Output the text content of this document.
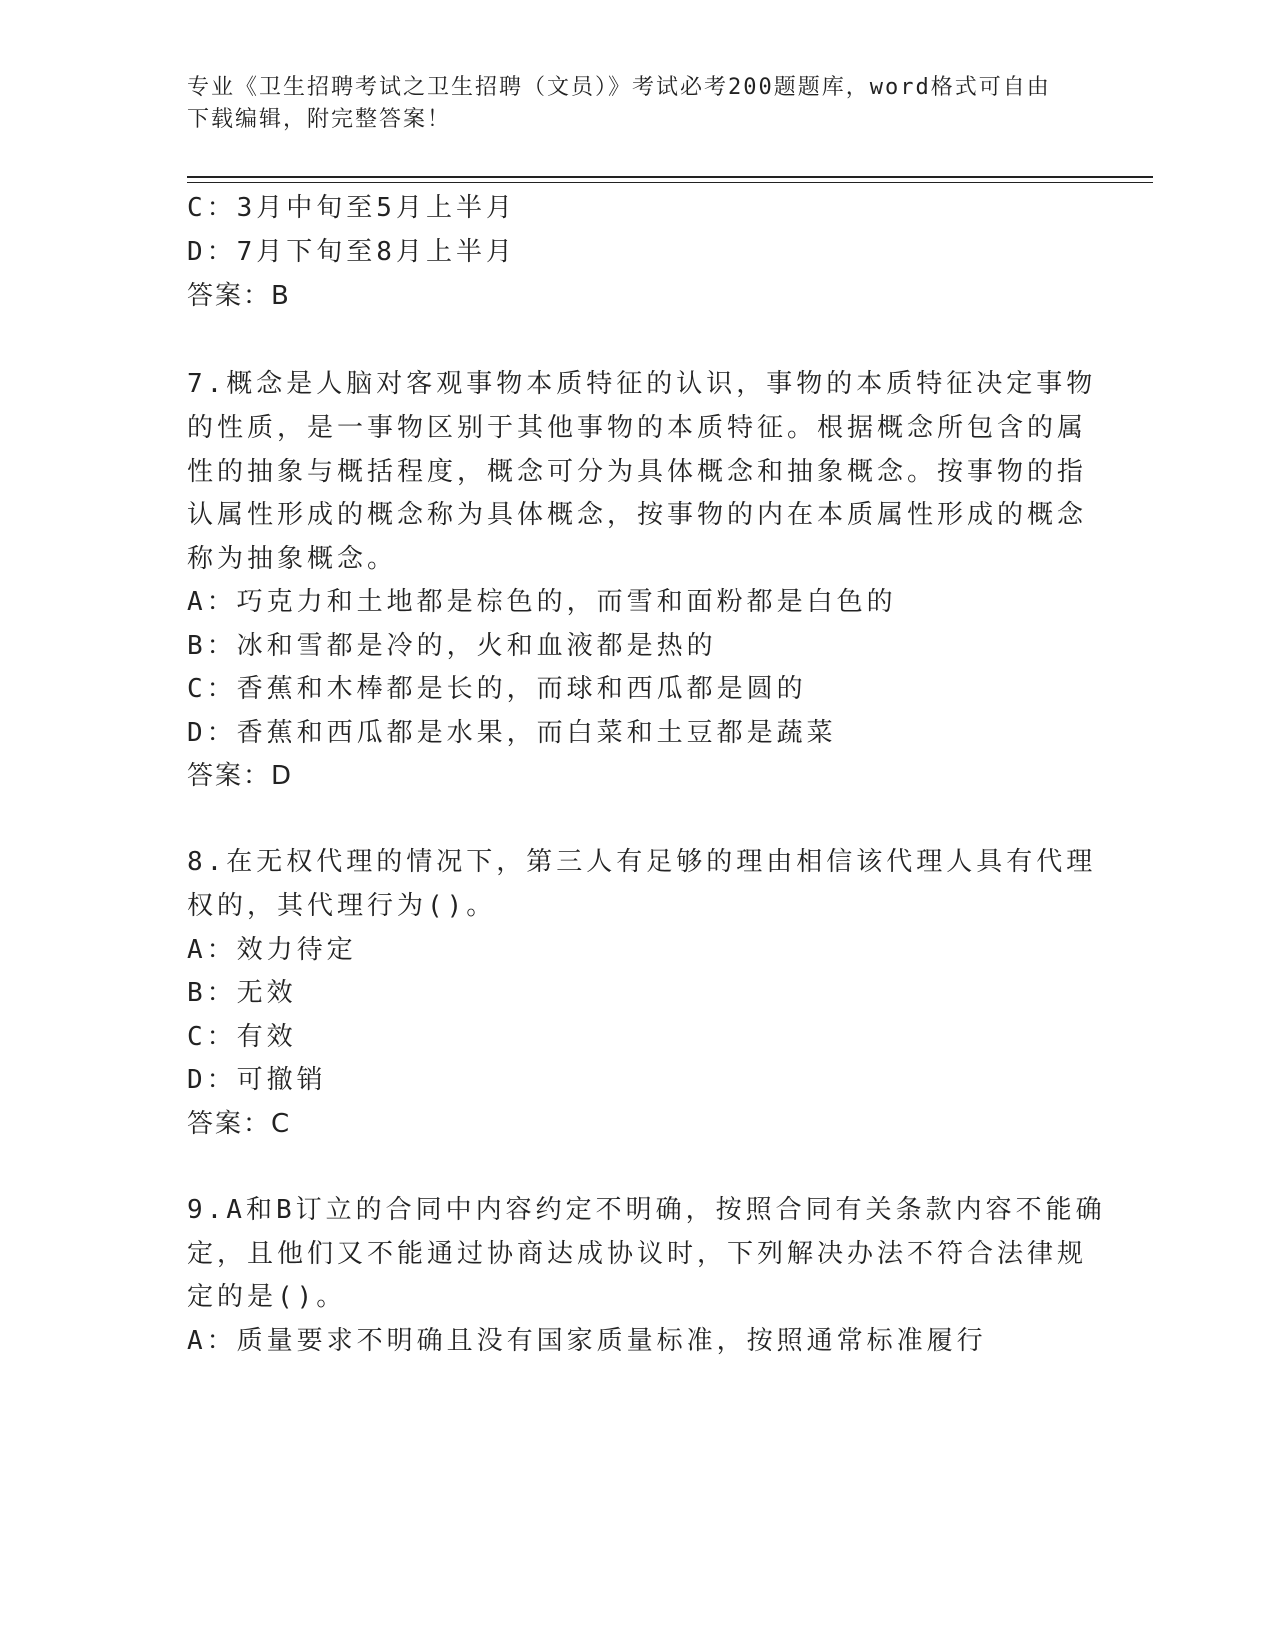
专业《卫生招聘考试之卫生招聘（文员）》考试必考200题题库，word格式可自由下载编辑，附完整答案！
C：3月中旬至5月上半月
D：7月下旬至8月上半月
答案：B
7.概念是人脑对客观事物本质特征的认识，事物的本质特征决定事物
的性质，是一事物区别于其他事物的本质特征。根据概念所包含的属
性的抽象与概括程度，概念可分为具体概念和抽象概念。按事物的指
认属性形成的概念称为具体概念，按事物的内在本质属性形成的概念
称为抽象概念。
A：巧克力和土地都是棕色的，而雪和面粉都是白色的
B：冰和雪都是冷的，火和血液都是热的
C：香蕉和木棒都是长的，而球和西瓜都是圆的
D：香蕉和西瓜都是水果，而白菜和土豆都是蔬菜
答案：D
8.在无权代理的情况下，第三人有足够的理由相信该代理人具有代理
权的，其代理行为()。
A：效力待定
B：无效
C：有效
D：可撤销
答案：C
9.A和B订立的合同中内容约定不明确，按照合同有关条款内容不能确
定，且他们又不能通过协商达成协议时，下列解决办法不符合法律规
定的是()。
A：质量要求不明确且没有国家质量标准，按照通常标准履行
